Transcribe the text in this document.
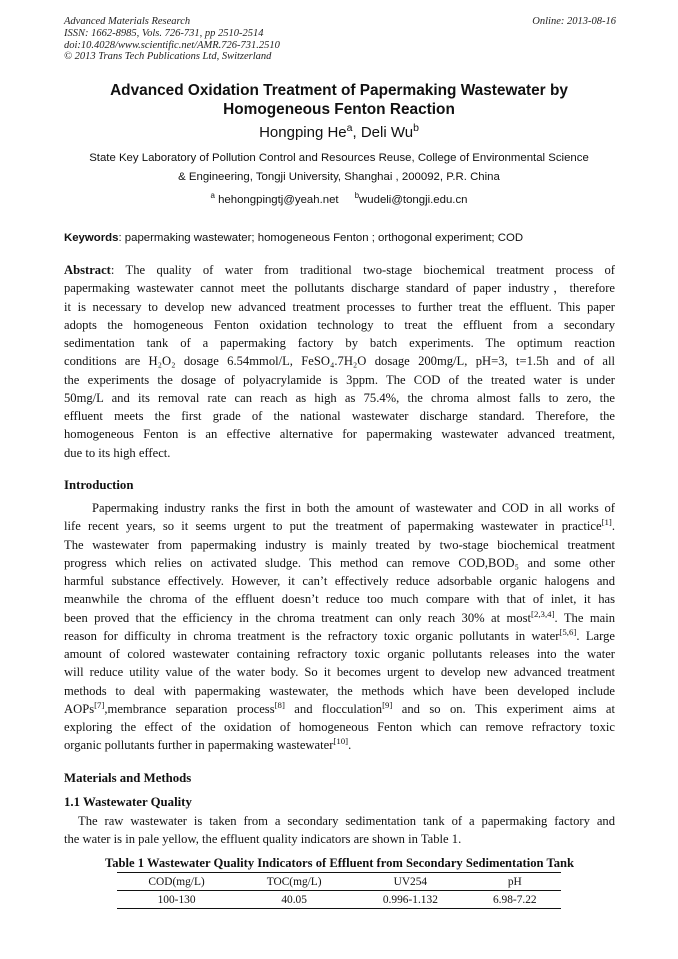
Advanced Materials Research
ISSN: 1662-8985, Vols. 726-731, pp 2510-2514
doi:10.4028/www.scientific.net/AMR.726-731.2510
© 2013 Trans Tech Publications Ltd, Switzerland
Online: 2013-08-16
Advanced Oxidation Treatment of Papermaking Wastewater by
Homogeneous Fenton Reaction
Hongping He$^a$, Deli Wu$^b$
State Key Laboratory of Pollution Control and Resources Reuse, College of Environmental Science
& Engineering, Tongji University, Shanghai , 200092, P.R. China
$^a$ hehongpingtj@yeah.net $^b$wudeli@tongji.edu.cn
Keywords: papermaking wastewater; homogeneous Fenton ; orthogonal experiment; COD
Abstract: The quality of water from traditional two-stage biochemical treatment process of
papermaking wastewater cannot meet the pollutants discharge standard of paper industry，therefore
it is necessary to develop new advanced treatment processes to further treat the effluent. This paper
adopts the homogeneous Fenton oxidation technology to treat the effluent from a secondary
sedimentation tank of a papermaking factory by batch experiments. The optimum reaction
conditions are H₂O₂ dosage 6.54mmol/L, FeSO₄.7H₂O dosage 200mg/L, pH=3, t=1.5h and of all
the experiments the dosage of polyacrylamide is 3ppm. The COD of the treated water is under
50mg/L and its removal rate can reach as high as 75.4%, the chroma almost falls to zero, the
effluent meets the first grade of the national wastewater discharge standard. Therefore, the
homogeneous Fenton is an effective alternative for papermaking wastewater advanced treatment,
due to its high effect.
Introduction
Papermaking industry ranks the first in both the amount of wastewater and COD in all works of
life recent years, so it seems urgent to put the treatment of papermaking wastewater in practice[1].
The wastewater from papermaking industry is mainly treated by two-stage biochemical treatment
progress which relies on activated sludge. This method can remove COD,BOD₅ and some other
harmful substance effectively. However, it can’t effectively reduce adsorbable organic halogens and
meanwhile the chroma of the effluent doesn’t reduce too much compare with that of inlet, it has
been proved that the efficiency in the chroma treatment can only reach 30% at most[2,3,4]. The main
reason for difficulty in chroma treatment is the refractory toxic organic pollutants in water[5,6]. Large
amount of colored wastewater containing refractory toxic organic pollutants releases into the water
will reduce utility value of the water body. So it becomes urgent to develop new advanced treatment
methods to deal with papermaking wastewater, the methods which have been developed include
AOPs[7],membrance separation process[8] and flocculation[9] and so on. This experiment aims at
exploring the effect of the oxidation of homogeneous Fenton which can remove refractory toxic
organic pollutants further in papermaking wastewater[10].
Materials and Methods
1.1 Wastewater Quality
The raw wastewater is taken from a secondary sedimentation tank of a papermaking factory and
the water is in pale yellow, the effluent quality indicators are shown in Table 1.
Table 1 Wastewater Quality Indicators of Effluent from Secondary Sedimentation Tank
COD(mg/L)	TOC(mg/L)	UV254	pH
100-130	40.05	0.996-1.132	6.98-7.22
